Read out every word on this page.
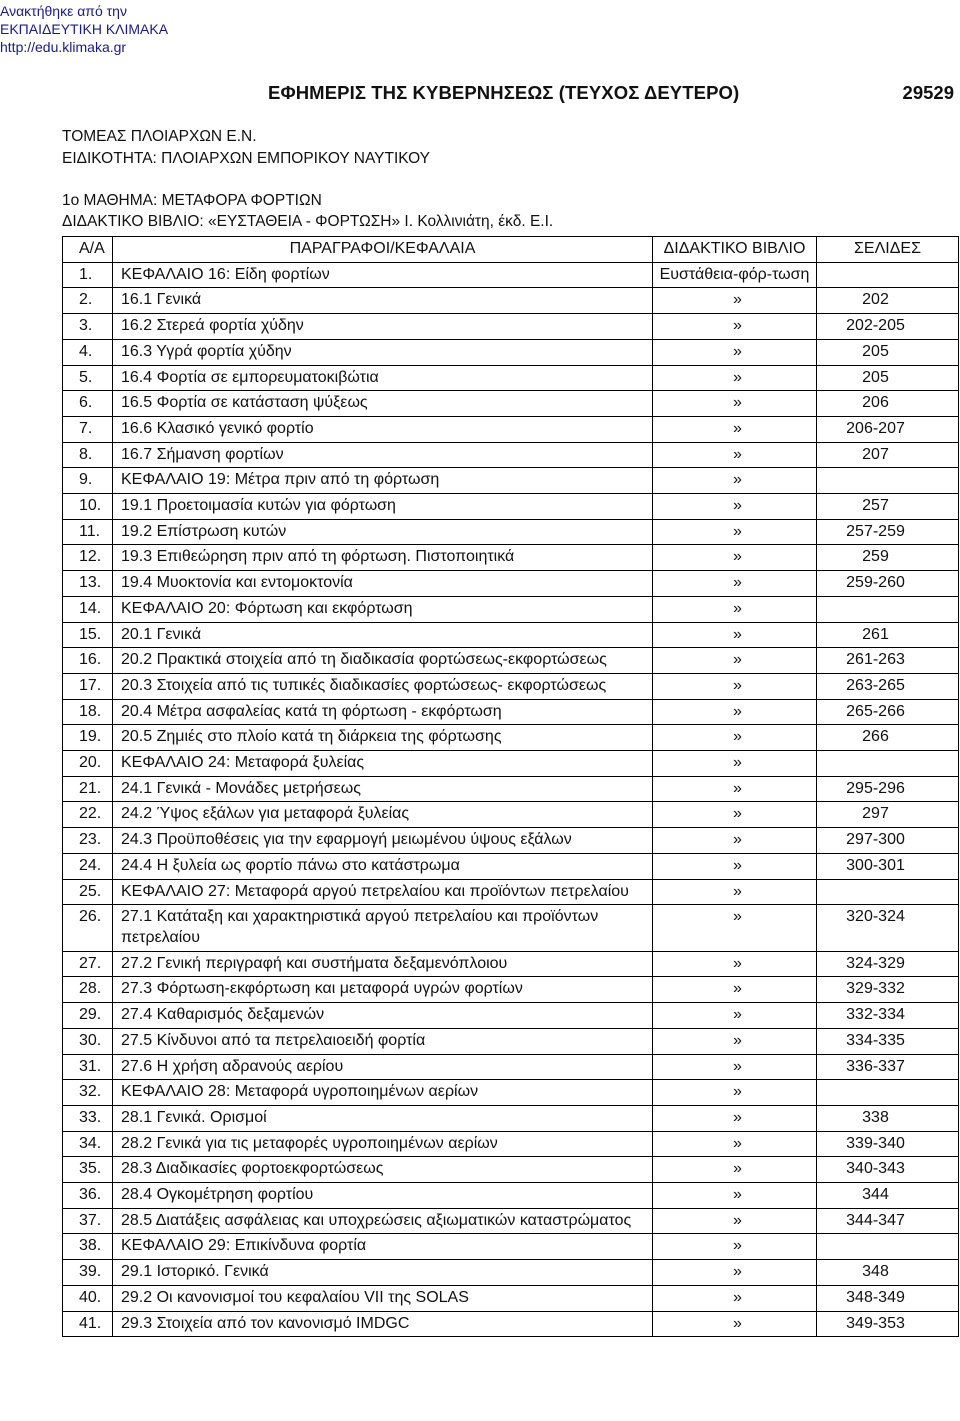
Ανακτήθηκε από την
ΕΚΠΑΙΔΕΥΤΙΚΗ ΚΛΙΜΑΚΑ
http://edu.klimaka.gr
ΕΦΗΜΕΡΙΣ ΤΗΣ ΚΥΒΕΡΝΗΣΕΩΣ (ΤΕΥΧΟΣ ΔΕΥΤΕΡΟ)	29529
ΤΟΜΕΑΣ ΠΛΟΙΑΡΧΩΝ Ε.Ν.
ΕΙΔΙΚΟΤΗΤΑ: ΠΛΟΙΑΡΧΩΝ ΕΜΠΟΡΙΚΟΥ ΝΑΥΤΙΚΟΥ
1ο ΜΑΘΗΜΑ: ΜΕΤΑΦΟΡΑ ΦΟΡΤΙΩΝ
ΔΙΔΑΚΤΙΚΟ ΒΙΒΛΙΟ: «ΕΥΣΤΑΘΕΙΑ - ΦΟΡΤΩΣΗ» Ι. Κολλινιάτη, έκδ. Ε.Ι.
Α/Α	ΠΑΡΑΓΡΑΦΟΙ/ΚΕΦΑΛΑΙΑ	ΔΙΔΑΚΤΙΚΟ ΒΙΒΛΙΟ	ΣΕΛΙΔΕΣ
1.	ΚΕΦΑΛΑΙΟ 16: Είδη φορτίων	Ευστάθεια-φόρ-τωση	
2.	16.1 Γενικά	»	202
3.	16.2 Στερεά φορτία χύδην	»	202-205
4.	16.3 Υγρά φορτία χύδην	»	205
5.	16.4 Φορτία σε εμπορευματοκιβώτια	»	205
6.	16.5 Φορτία σε κατάσταση ψύξεως	»	206
7.	16.6 Κλασικό γενικό φορτίο	»	206-207
8.	16.7 Σήμανση φορτίων	»	207
9.	ΚΕΦΑΛΑΙΟ 19: Μέτρα πριν από τη φόρτωση	»	
10.	19.1 Προετοιμασία κυτών για φόρτωση	»	257
11.	19.2 Επίστρωση κυτών	»	257-259
12.	19.3 Επιθεώρηση πριν από τη φόρτωση. Πιστοποιητικά	»	259
13.	19.4 Μυοκτονία και εντομοκτονία	»	259-260
14.	ΚΕΦΑΛΑΙΟ 20: Φόρτωση και εκφόρτωση	»	
15.	20.1 Γενικά	»	261
16.	20.2 Πρακτικά στοιχεία από τη διαδικασία φορτώσεως-εκφορτώσεως	»	261-263
17.	20.3 Στοιχεία από τις τυπικές διαδικασίες φορτώσεως- εκφορτώσεως	»	263-265
18.	20.4 Μέτρα ασφαλείας κατά τη φόρτωση - εκφόρτωση	»	265-266
19.	20.5 Ζημιές στο πλοίο κατά τη διάρκεια της φόρτωσης	»	266
20.	ΚΕΦΑΛΑΙΟ 24: Μεταφορά ξυλείας	»	
21.	24.1 Γενικά - Μονάδες μετρήσεως	»	295-296
22.	24.2 Ύψος εξάλων για μεταφορά ξυλείας	»	297
23.	24.3 Προϋποθέσεις για την εφαρμογή μειωμένου ύψους εξάλων	»	297-300
24.	24.4 Η ξυλεία ως φορτίο πάνω στο κατάστρωμα	»	300-301
25.	ΚΕΦΑΛΑΙΟ 27: Μεταφορά αργού πετρελαίου και προϊόντων πετρελαίου	»	
26.	27.1 Κατάταξη και χαρακτηριστικά αργού πετρελαίου και προϊόντων πετρελαίου	»	320-324
27.	27.2 Γενική περιγραφή και συστήματα δεξαμενόπλοιου	»	324-329
28.	27.3 Φόρτωση-εκφόρτωση και μεταφορά υγρών φορτίων	»	329-332
29.	27.4 Καθαρισμός δεξαμενών	»	332-334
30.	27.5 Κίνδυνοι από τα πετρελαιοειδή φορτία	»	334-335
31.	27.6 Η χρήση αδρανούς αερίου	»	336-337
32.	ΚΕΦΑΛΑΙΟ 28: Μεταφορά υγροποιημένων αερίων	»	
33.	28.1 Γενικά. Ορισμοί	»	338
34.	28.2 Γενικά για τις μεταφορές υγροποιημένων αερίων	»	339-340
35.	28.3 Διαδικασίες φορτοεκφορτώσεως	»	340-343
36.	28.4 Ογκομέτρηση φορτίου	»	344
37.	28.5 Διατάξεις ασφάλειας και υποχρεώσεις αξιωματικών καταστρώματος	»	344-347
38.	ΚΕΦΑΛΑΙΟ 29: Επικίνδυνα φορτία	»	
39.	29.1 Ιστορικό. Γενικά	»	348
40.	29.2 Οι κανονισμοί του κεφαλαίου VII της SOLAS	»	348-349
41.	29.3 Στοιχεία από τον κανονισμό IMDGC	»	349-353
